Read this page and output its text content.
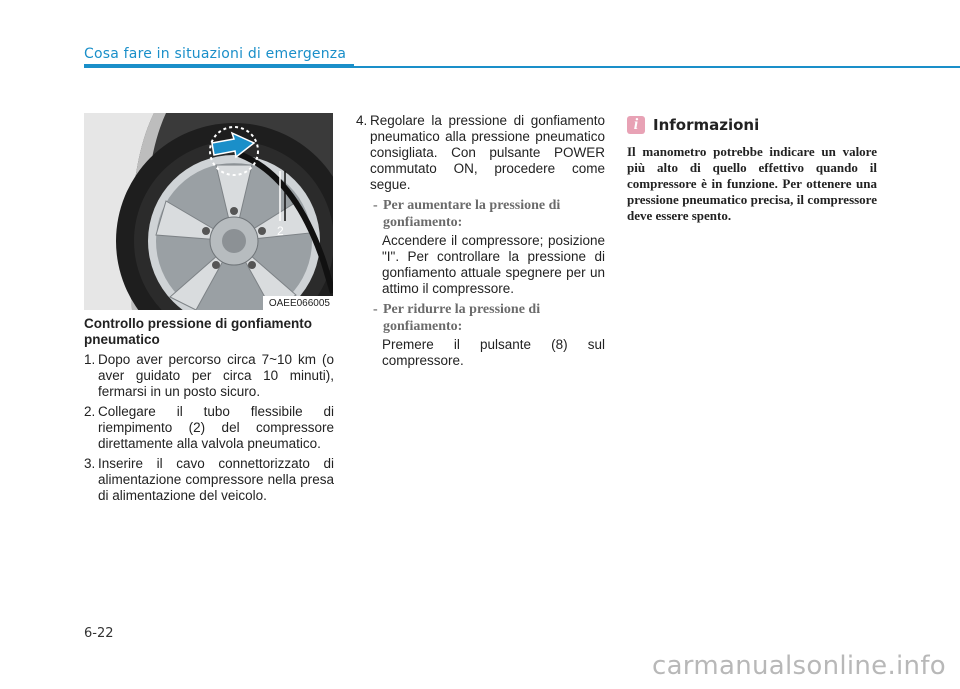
Cosa fare in situazioni di emergenza
2
OAEE066005
Controllo pressione di gonfiamento pneumatico
1. Dopo aver percorso circa 7~10 km (o aver guidato per circa 10 minuti), fermarsi in un posto sicuro.
2. Collegare il tubo flessibile di riempimento (2) del compressore direttamente alla valvola pneumatico.
3. Inserire il cavo connettorizzato di alimentazione compressore nella presa di alimentazione del veicolo.
4. Regolare la pressione di gonfiamento pneumatico alla pressione pneumatico consigliata. Con pulsante POWER commutato ON, procedere come segue.
- Per aumentare la pressione di gonfiamento:
Accendere il compressore; posizione "I". Per controllare la pressione di gonfiamento attuale spegnere per un attimo il compressore.
- Per ridurre la pressione di gonfiamento:
Premere il pulsante (8) sul compressore.
i Informazioni

Il manometro potrebbe indicare un valore più alto di quello effettivo quando il compressore è in funzione. Per ottenere una pressione pneumatico precisa, il compressore deve essere spento.

6-22
carmanualsonline.info
